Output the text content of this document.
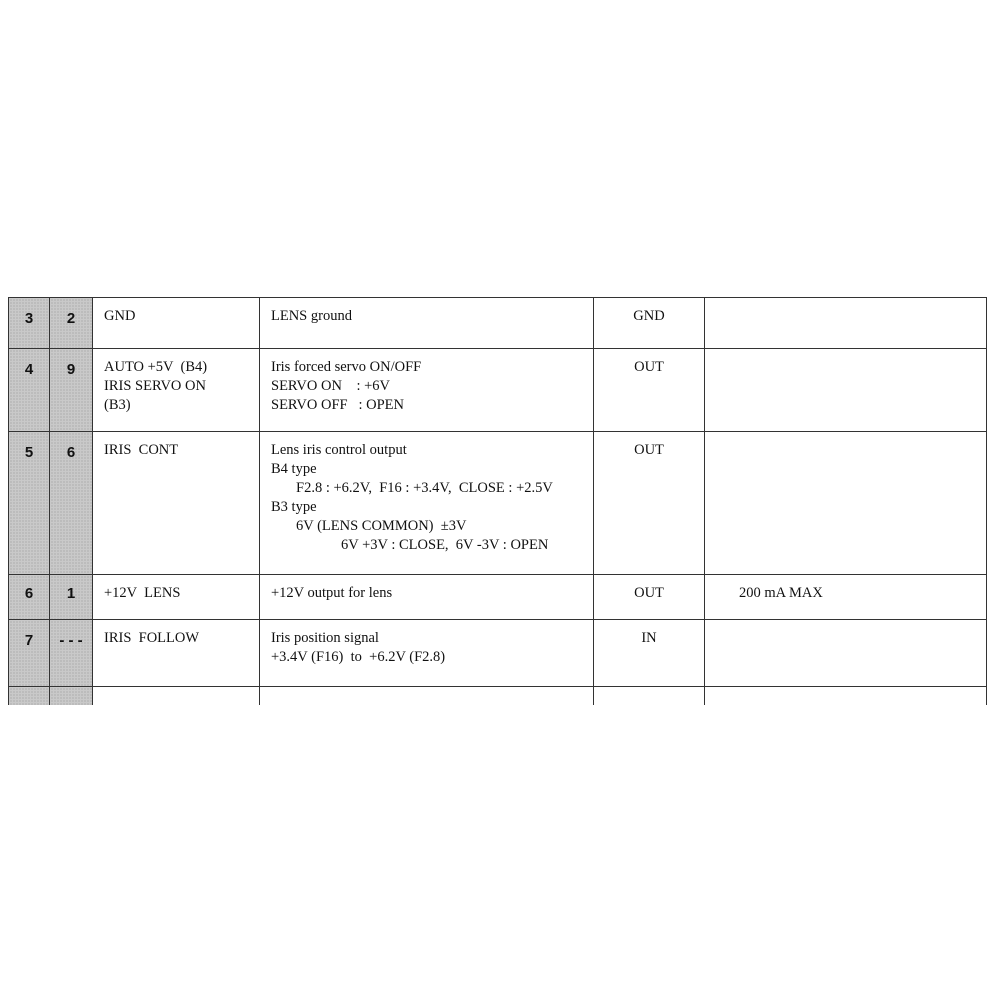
3	2	GND	LENS ground	GND	
4	9	AUTO +5V  (B4)
IRIS SERVO ON
(B3)	Iris forced servo ON/OFF
SERVO ON    : +6V
SERVO OFF   : OPEN	OUT	
5	6	IRIS  CONT	Lens iris control output
B4 type
F2.8 : +6.2V,  F16 : +3.4V,  CLOSE : +2.5V
B3 type
6V (LENS COMMON)  ±3V
6V +3V : CLOSE,  6V -3V : OPEN
	OUT	
6	1	+12V  LENS	+12V output for lens	OUT	200 mA MAX
7	- - -	IRIS  FOLLOW	Iris position signal
+3.4V (F16)  to  +6.2V (F2.8)	IN	
